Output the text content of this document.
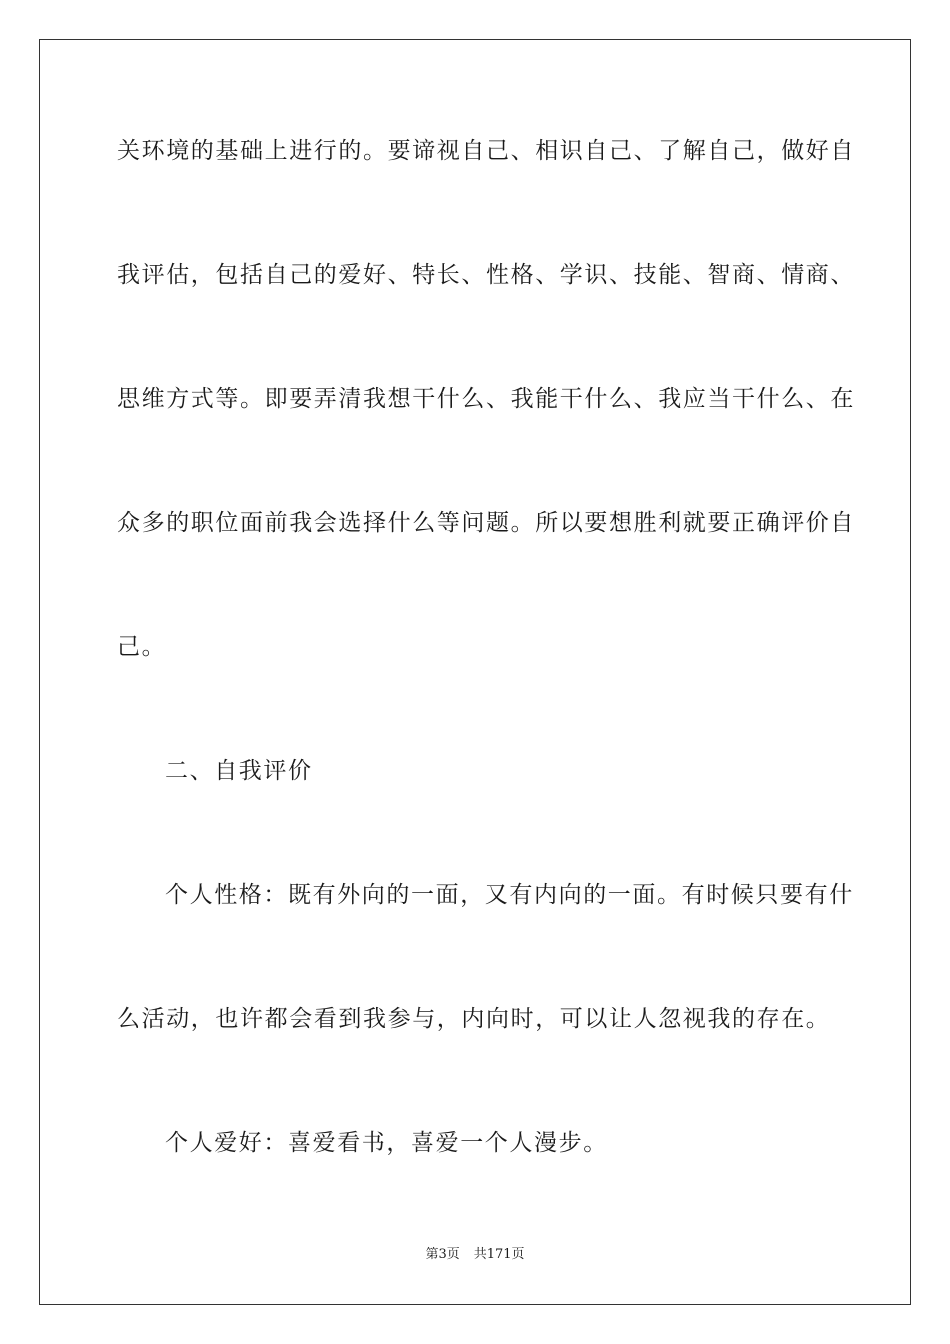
关环境的基础上进行的。要谛视自己、相识自己、了解自己，做好自
我评估，包括自己的爱好、特长、性格、学识、技能、智商、情商、
思维方式等。即要弄清我想干什么、我能干什么、我应当干什么、在
众多的职位面前我会选择什么等问题。所以要想胜利就要正确评价自
己。
二、自我评价
个人性格：既有外向的一面，又有内向的一面。有时候只要有什
么活动，也许都会看到我参与，内向时，可以让人忽视我的存在。
个人爱好：喜爱看书，喜爱一个人漫步。
第3页 共171页
